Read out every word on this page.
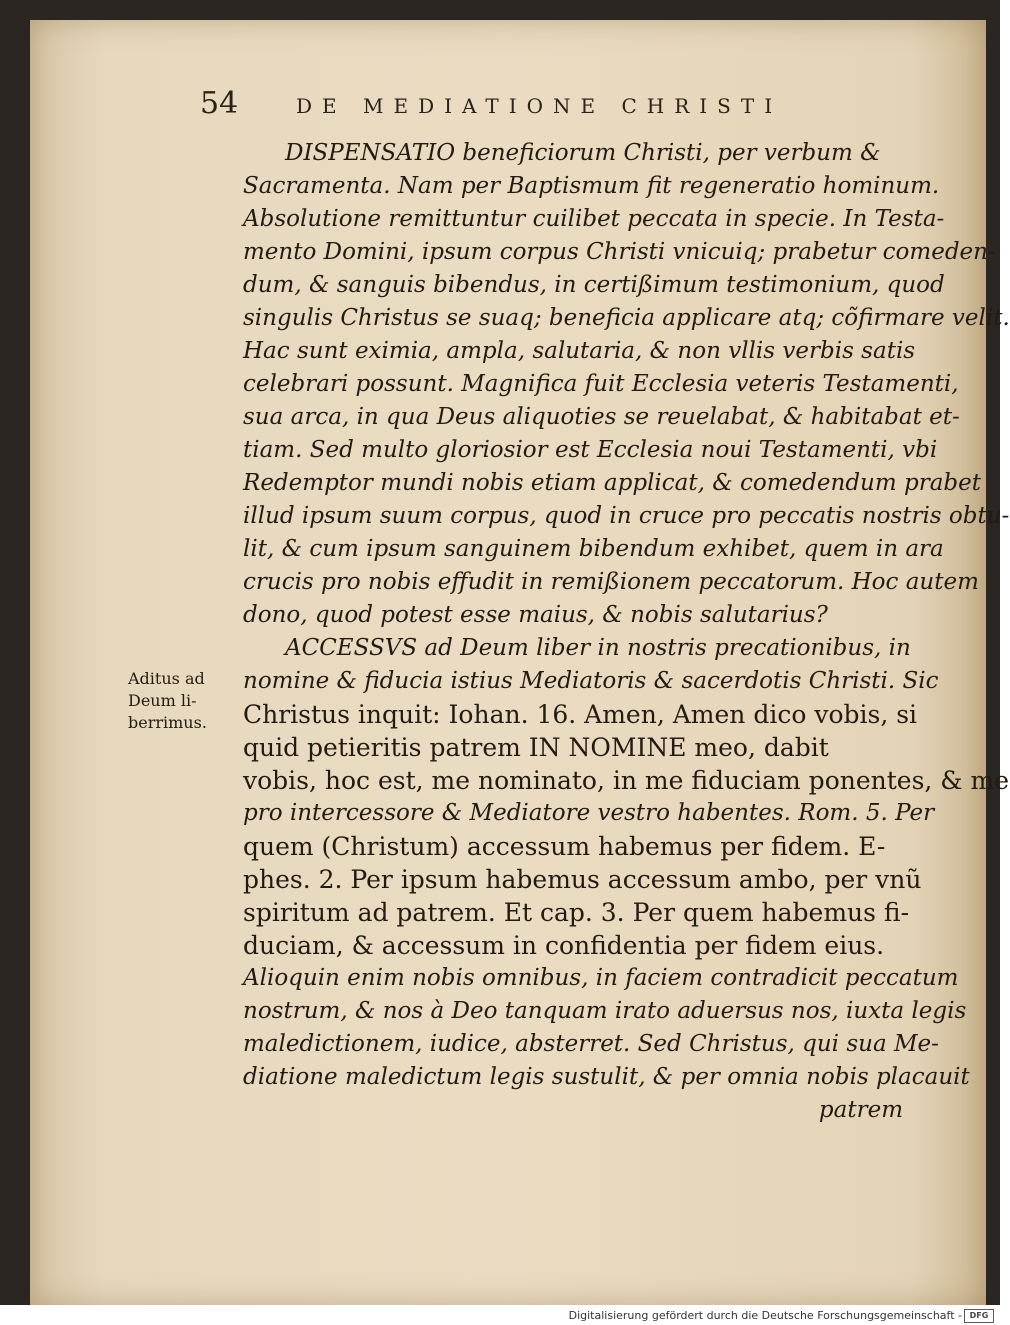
54	DE MEDIATIONE CHRISTI
Aditus ad
Deum li-
berrimus.
DISPENSATIO beneficiorum Christi, per verbum &
Sacramenta. Nam per Baptismum fit regeneratio hominum.
Absolutione remittuntur cuilibet peccata in specie. In Testa-
mento Domini, ipsum corpus Christi vnicuiq; prabetur comeden-
dum, & sanguis bibendus, in certißimum testimonium, quod
singulis Christus se suaq; beneficia applicare atq; cõfirmare velit.
Hac sunt eximia, ampla, salutaria, & non vllis verbis satis
celebrari possunt. Magnifica fuit Ecclesia veteris Testamenti,
sua arca, in qua Deus aliquoties se reuelabat, & habitabat et-
tiam. Sed multo gloriosior est Ecclesia noui Testamenti, vbi
Redemptor mundi nobis etiam applicat, & comedendum prabet
illud ipsum suum corpus, quod in cruce pro peccatis nostris obtu-
lit, & cum ipsum sanguinem bibendum exhibet, quem in ara
crucis pro nobis effudit in remißionem peccatorum. Hoc autem
dono, quod potest esse maius, & nobis salutarius?
ACCESSVS ad Deum liber in nostris precationibus, in
nomine & fiducia istius Mediatoris & sacerdotis Christi. Sic
Christus inquit: Iohan. 16. Amen, Amen dico vobis, si
quid petieritis patrem IN NOMINE meo, dabit
vobis, hoc est, me nominato, in me fiduciam ponentes, & me
pro intercessore & Mediatore vestro habentes. Rom. 5. Per
quem (Christum) accessum habemus per fidem. E-
phes. 2. Per ipsum habemus accessum ambo, per vnũ
spiritum ad patrem. Et cap. 3. Per quem habemus fi-
duciam, & accessum in confidentia per fidem eius.
Alioquin enim nobis omnibus, in faciem contradicit peccatum
nostrum, & nos à Deo tanquam irato aduersus nos, iuxta legis
maledictionem, iudice, absterret. Sed Christus, qui sua Me-
diatione maledictum legis sustulit, & per omnia nobis placauit
patrem
Digitalisierung gefördert durch die Deutsche Forschungsgemeinschaft - DFG
